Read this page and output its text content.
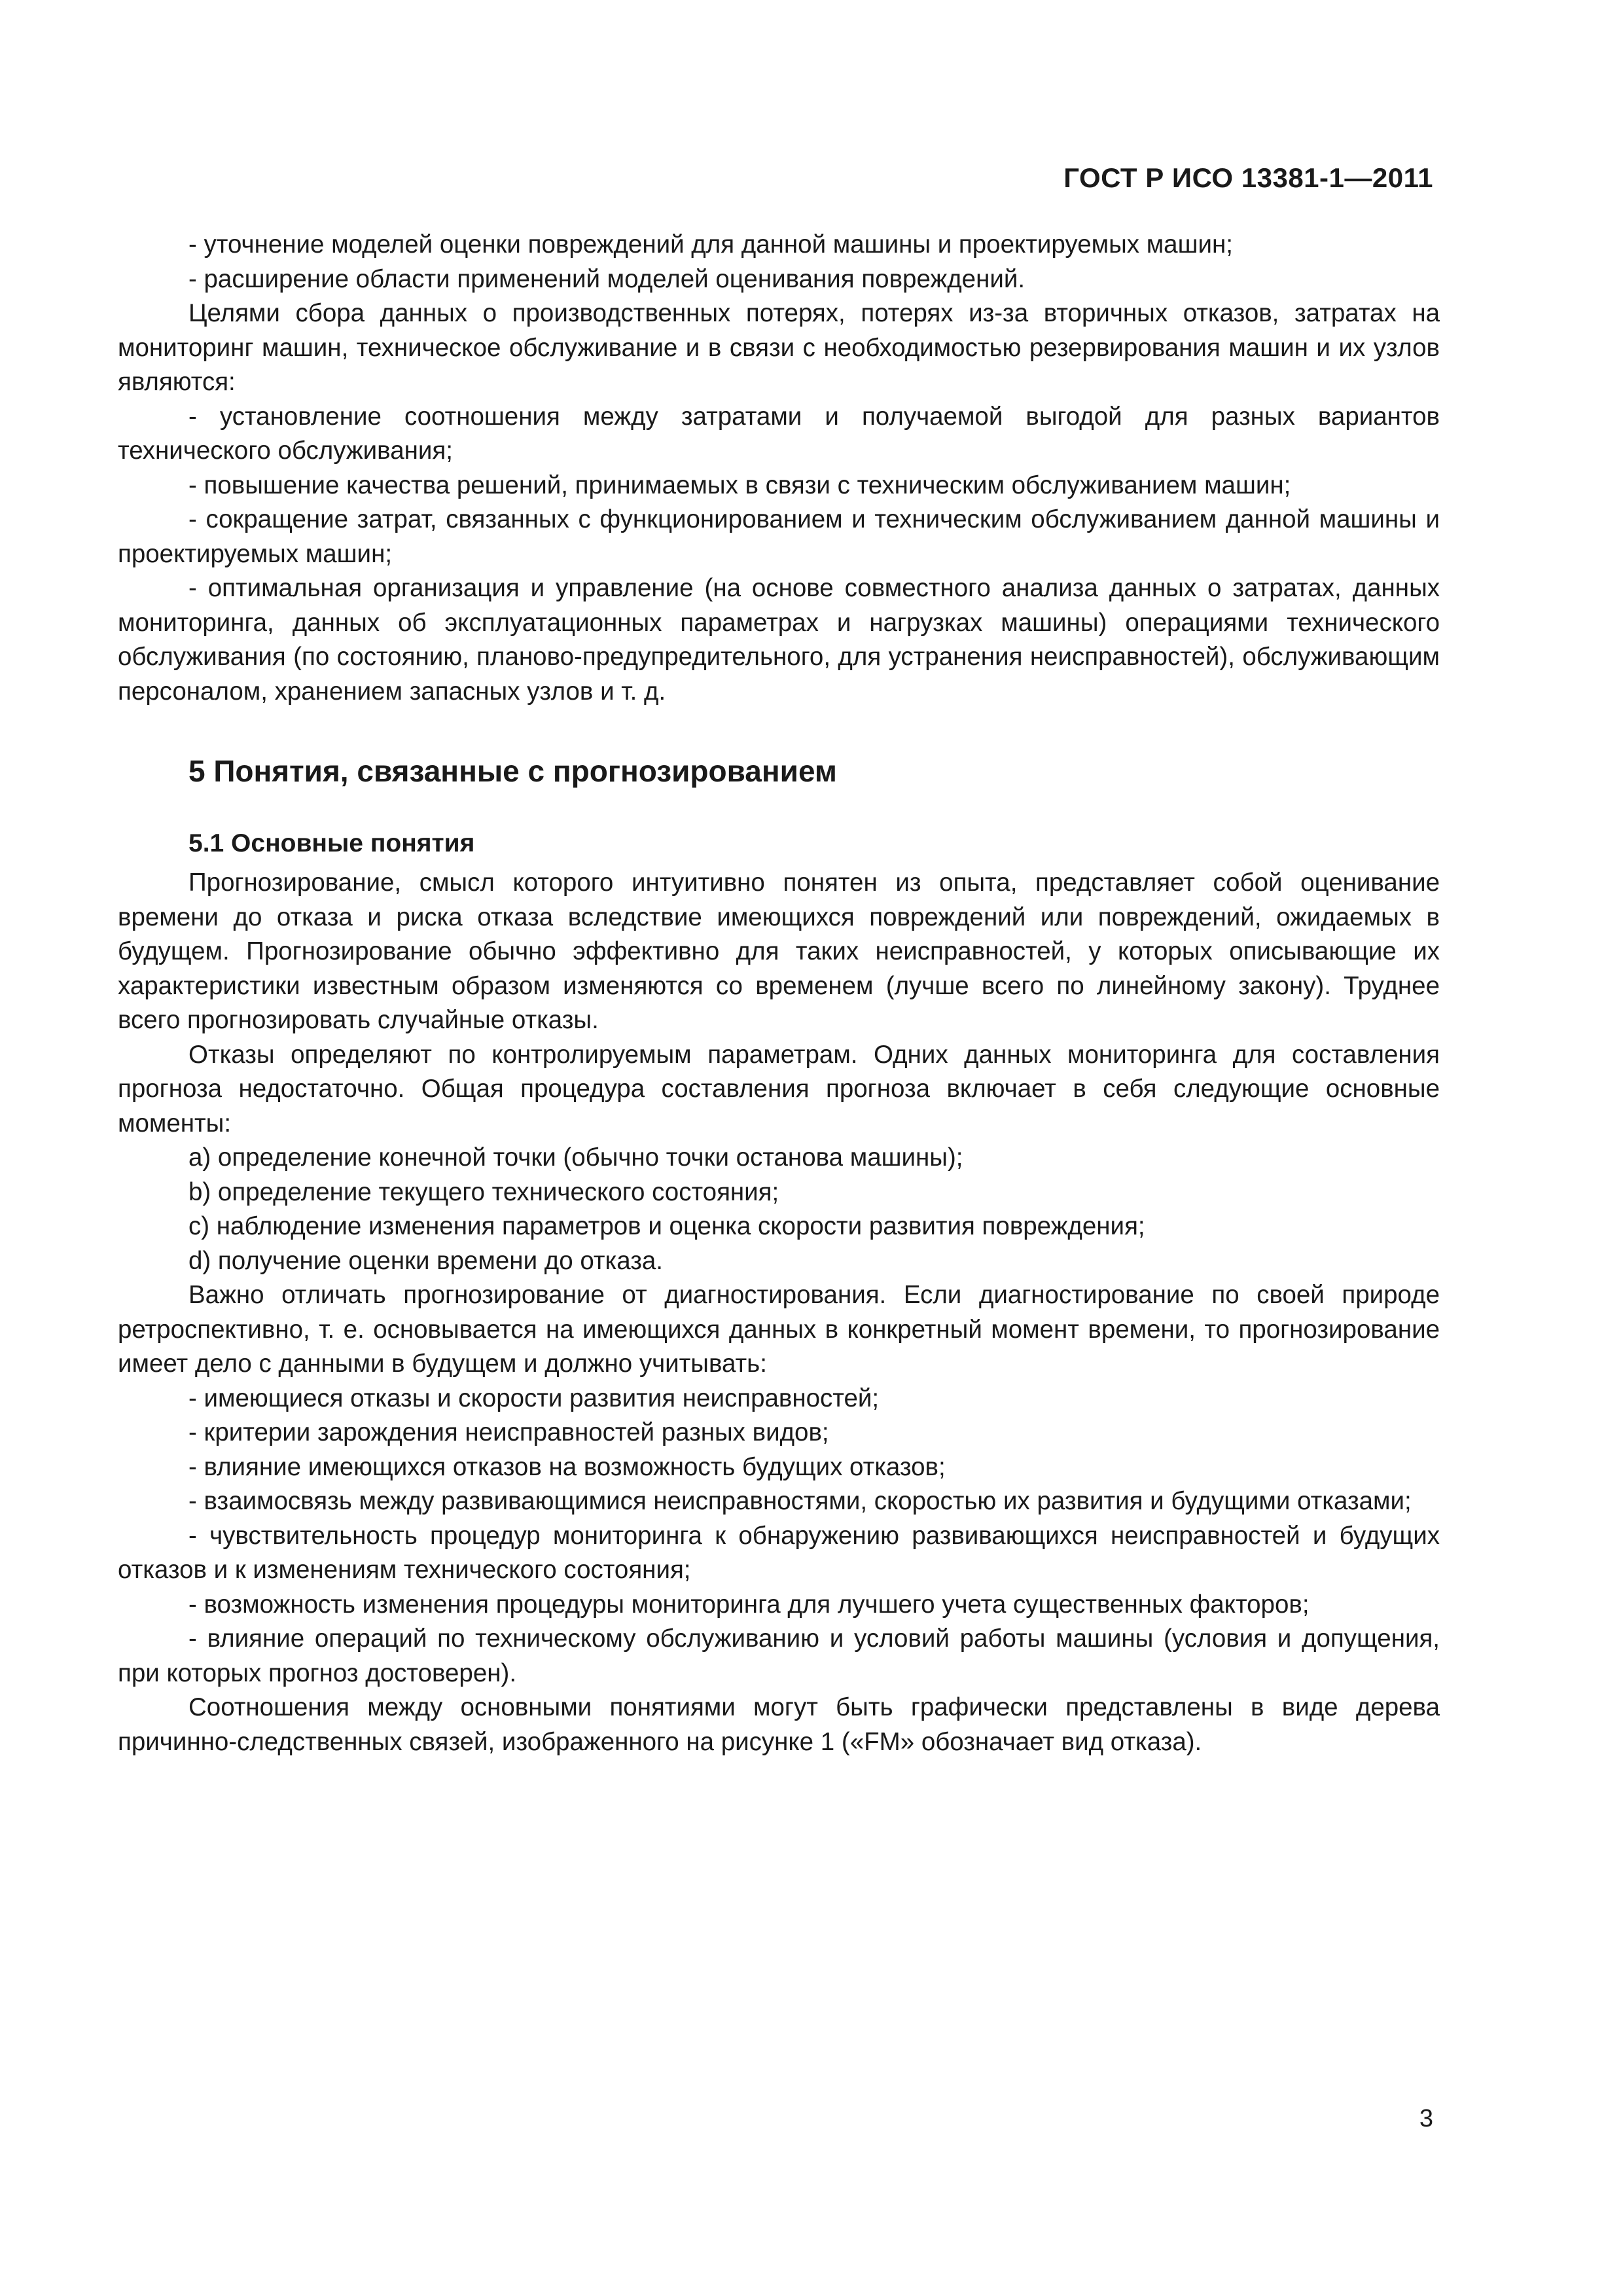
ГОСТ Р ИСО 13381-1—2011

- уточнение моделей оценки повреждений для данной машины и проектируемых машин;

- расширение области применений моделей оценивания повреждений.

Целями сбора данных о производственных потерях, потерях из-за вторичных отказов, затратах на мониторинг машин, техническое обслуживание и в связи с необходимостью резервирования машин и их узлов являются:

- установление соотношения между затратами и получаемой выгодой для разных вариантов технического обслуживания;

- повышение качества решений, принимаемых в связи с техническим обслуживанием машин;

- сокращение затрат, связанных с функционированием и техническим обслуживанием данной машины и проектируемых машин;

- оптимальная организация и управление (на основе совместного анализа данных о затратах, данных мониторинга, данных об эксплуатационных параметрах и нагрузках машины) операциями технического обслуживания (по состоянию, планово-предупредительного, для устранения неисправностей), обслуживающим персоналом, хранением запасных узлов и т. д.

5 Понятия, связанные с прогнозированием
5.1 Основные понятия

Прогнозирование, смысл которого интуитивно понятен из опыта, представляет собой оценивание времени до отказа и риска отказа вследствие имеющихся повреждений или повреждений, ожидаемых в будущем. Прогнозирование обычно эффективно для таких неисправностей, у которых описывающие их характеристики известным образом изменяются со временем (лучше всего по линейному закону). Труднее всего прогнозировать случайные отказы.

Отказы определяют по контролируемым параметрам. Одних данных мониторинга для составления прогноза недостаточно. Общая процедура составления прогноза включает в себя следующие основные моменты:

a) определение конечной точки (обычно точки останова машины);

b) определение текущего технического состояния;

c) наблюдение изменения параметров и оценка скорости развития повреждения;

d) получение оценки времени до отказа.

Важно отличать прогнозирование от диагностирования. Если диагностирование по своей природе ретроспективно, т. е. основывается на имеющихся данных в конкретный момент времени, то прогнозирование имеет дело с данными в будущем и должно учитывать:

- имеющиеся отказы и скорости развития неисправностей;

- критерии зарождения неисправностей разных видов;

- влияние имеющихся отказов на возможность будущих отказов;

- взаимосвязь между развивающимися неисправностями, скоростью их развития и будущими отказами;

- чувствительность процедур мониторинга к обнаружению развивающихся неисправностей и будущих отказов и к изменениям технического состояния;

- возможность изменения процедуры мониторинга для лучшего учета существенных факторов;

- влияние операций по техническому обслуживанию и условий работы машины (условия и допущения, при которых прогноз достоверен).

Соотношения между основными понятиями могут быть графически представлены в виде дерева причинно-следственных связей, изображенного на рисунке 1 («FM» обозначает вид отказа).

3
